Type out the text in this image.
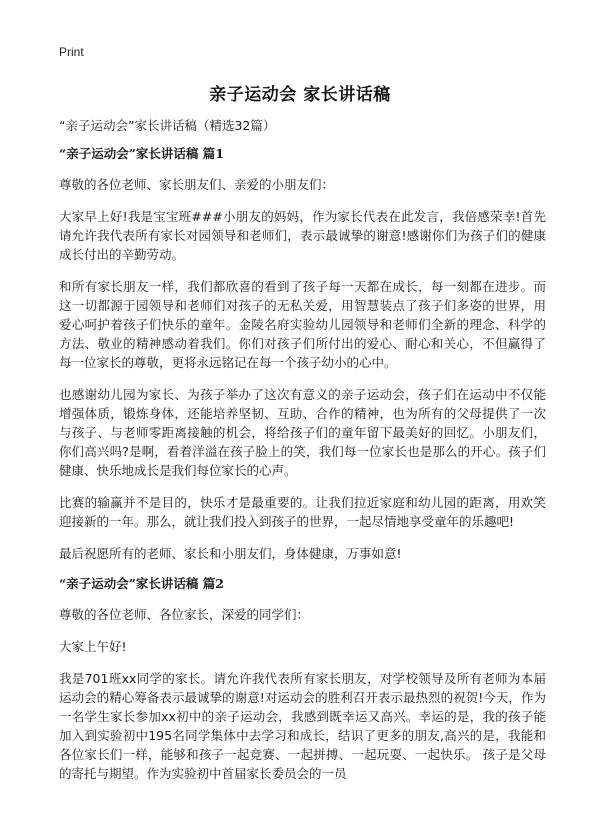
Print
亲子运动会 家长讲话稿
“亲子运动会”家长讲话稿（精选32篇）
“亲子运动会”家长讲话稿 篇1
尊敬的各位老师、家长朋友们、亲爱的小朋友们：
大家早上好!我是宝宝班###小朋友的妈妈，作为家长代表在此发言，我倍感荣幸!首先请允许我代表所有家长对园领导和老师们，表示最诚挚的谢意!感谢你们为孩子们的健康成长付出的辛勤劳动。
和所有家长朋友一样，我们都欣喜的看到了孩子每一天都在成长，每一刻都在进步。而这一切都源于园领导和老师们对孩子的无私关爱，用智慧装点了孩子们多姿的世界，用爱心呵护着孩子们快乐的童年。金陵名府实验幼儿园领导和老师们全新的理念、科学的方法、敬业的精神感动着我们。你们对孩子们所付出的爱心、耐心和关心，不但赢得了每一位家长的尊敬，更将永远铭记在每一个孩子幼小的心中。
也感谢幼儿园为家长、为孩子举办了这次有意义的亲子运动会，孩子们在运动中不仅能增强体质，锻炼身体，还能培养坚韧、互助、合作的精神，也为所有的父母提供了一次与孩子、与老师零距离接触的机会，将给孩子们的童年留下最美好的回忆。小朋友们，你们高兴吗?是啊，看着洋溢在孩子脸上的笑，我们每一位家长也是那么的开心。孩子们健康、快乐地成长是我们每位家长的心声。
比赛的输赢并不是目的，快乐才是最重要的。让我们拉近家庭和幼儿园的距离，用欢笑迎接新的一年。那么，就让我们投入到孩子的世界，一起尽情地享受童年的乐趣吧!
最后祝愿所有的老师、家长和小朋友们，身体健康，万事如意!
“亲子运动会”家长讲话稿 篇2
尊敬的各位老师、各位家长，深爱的同学们：
大家上午好!
我是701班xx同学的家长。请允许我代表所有家长朋友，对学校领导及所有老师为本届运动会的精心筹备表示最诚挚的谢意!对运动会的胜利召开表示最热烈的祝贺!今天，作为一名学生家长参加xx初中的亲子运动会，我感到既幸运又高兴。幸运的是，我的孩子能加入到实验初中195名同学集体中去学习和成长，结识了更多的朋友,高兴的是，我能和各位家长们一样，能够和孩子一起竞赛、一起拼搏、一起玩耍、一起快乐。 孩子是父母的寄托与期望。作为实验初中首届家长委员会的一员
